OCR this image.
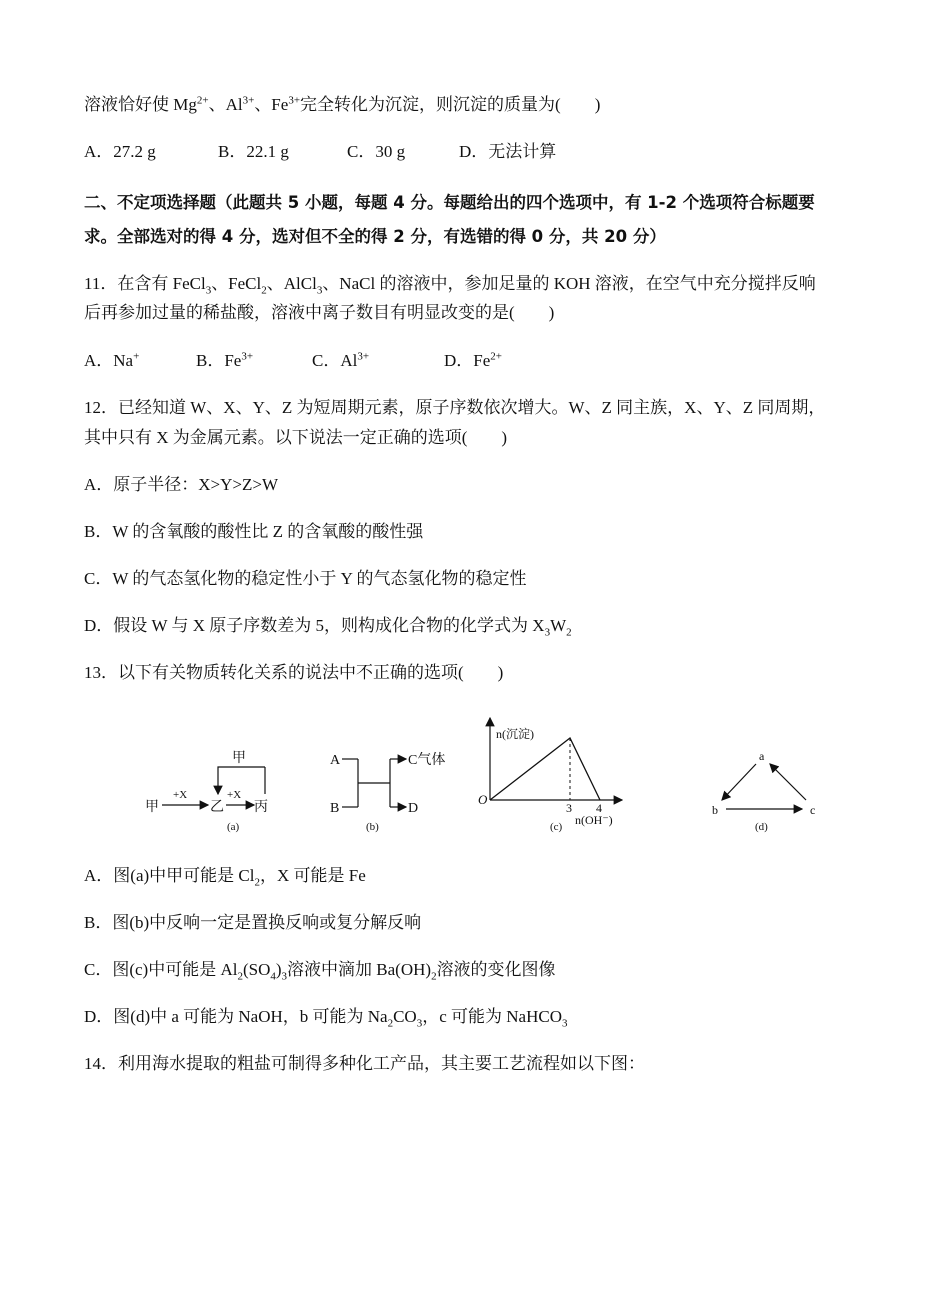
溶液恰好使 $Mg^{2+}$、$Al^{3+}$、$Fe^{3+}$完全转化为沉淀，则沉淀的质量为(　　)
A．27.2 g	B．22.1 g	C．30 g	D．无法计算
二、不定项选择题（此题共 5 小题，每题 4 分。每题给出的四个选项中，有 1-2 个选项符合标题要
求。全部选对的得 4 分，选对但不全的得 2 分，有选错的得 0 分，共 20 分）
11．在含有 FeCl$_3$、FeCl$_2$、AlCl$_3$、NaCl 的溶液中，参加足量的 KOH 溶液，在空气中充分搅拌反响
后再参加过量的稀盐酸，溶液中离子数目有明显改变的是(　　)
A．Na+	B．$Fe^{3+}$	C．$Al^{3+}$	D．$Fe^{2+}$
12．已经知道 W、X、Y、Z 为短周期元素，原子序数依次增大。W、Z 同主族，X、Y、Z 同周期，
其中只有 X 为金属元素。以下说法一定正确的选项(　　)
A．原子半径：X>Y>Z>W
B．W 的含氧酸的酸性比 Z 的含氧酸的酸性强
C．W 的气态氢化物的稳定性小于 Y 的气态氢化物的稳定性
D．假设 W 与 X 原子序数差为 5，则构成化合物的化学式为 $X_3W_2$
13．以下有关物质转化关系的说法中不正确的选项(　　)
甲
甲
+X
乙
+X
丙
(a)
A
B
C气体
D
(b)
n(沉淀)
O
3 4
n(OH⁻)
(c)
a
b	c
(d)
A．图(a)中甲可能是 $Cl_2$，X 可能是 Fe
B．图(b)中反响一定是置换反响或复分解反响
C．图(c)中可能是 $Al_2(SO_4)_3$溶液中滴加 $Ba(OH)_2$溶液的变化图像
D．图(d)中 a 可能为 NaOH，b 可能为 $Na_2CO_3$，c 可能为 NaHCO$_3$
14．利用海水提取的粗盐可制得多种化工产品，其主要工艺流程如以下图：
